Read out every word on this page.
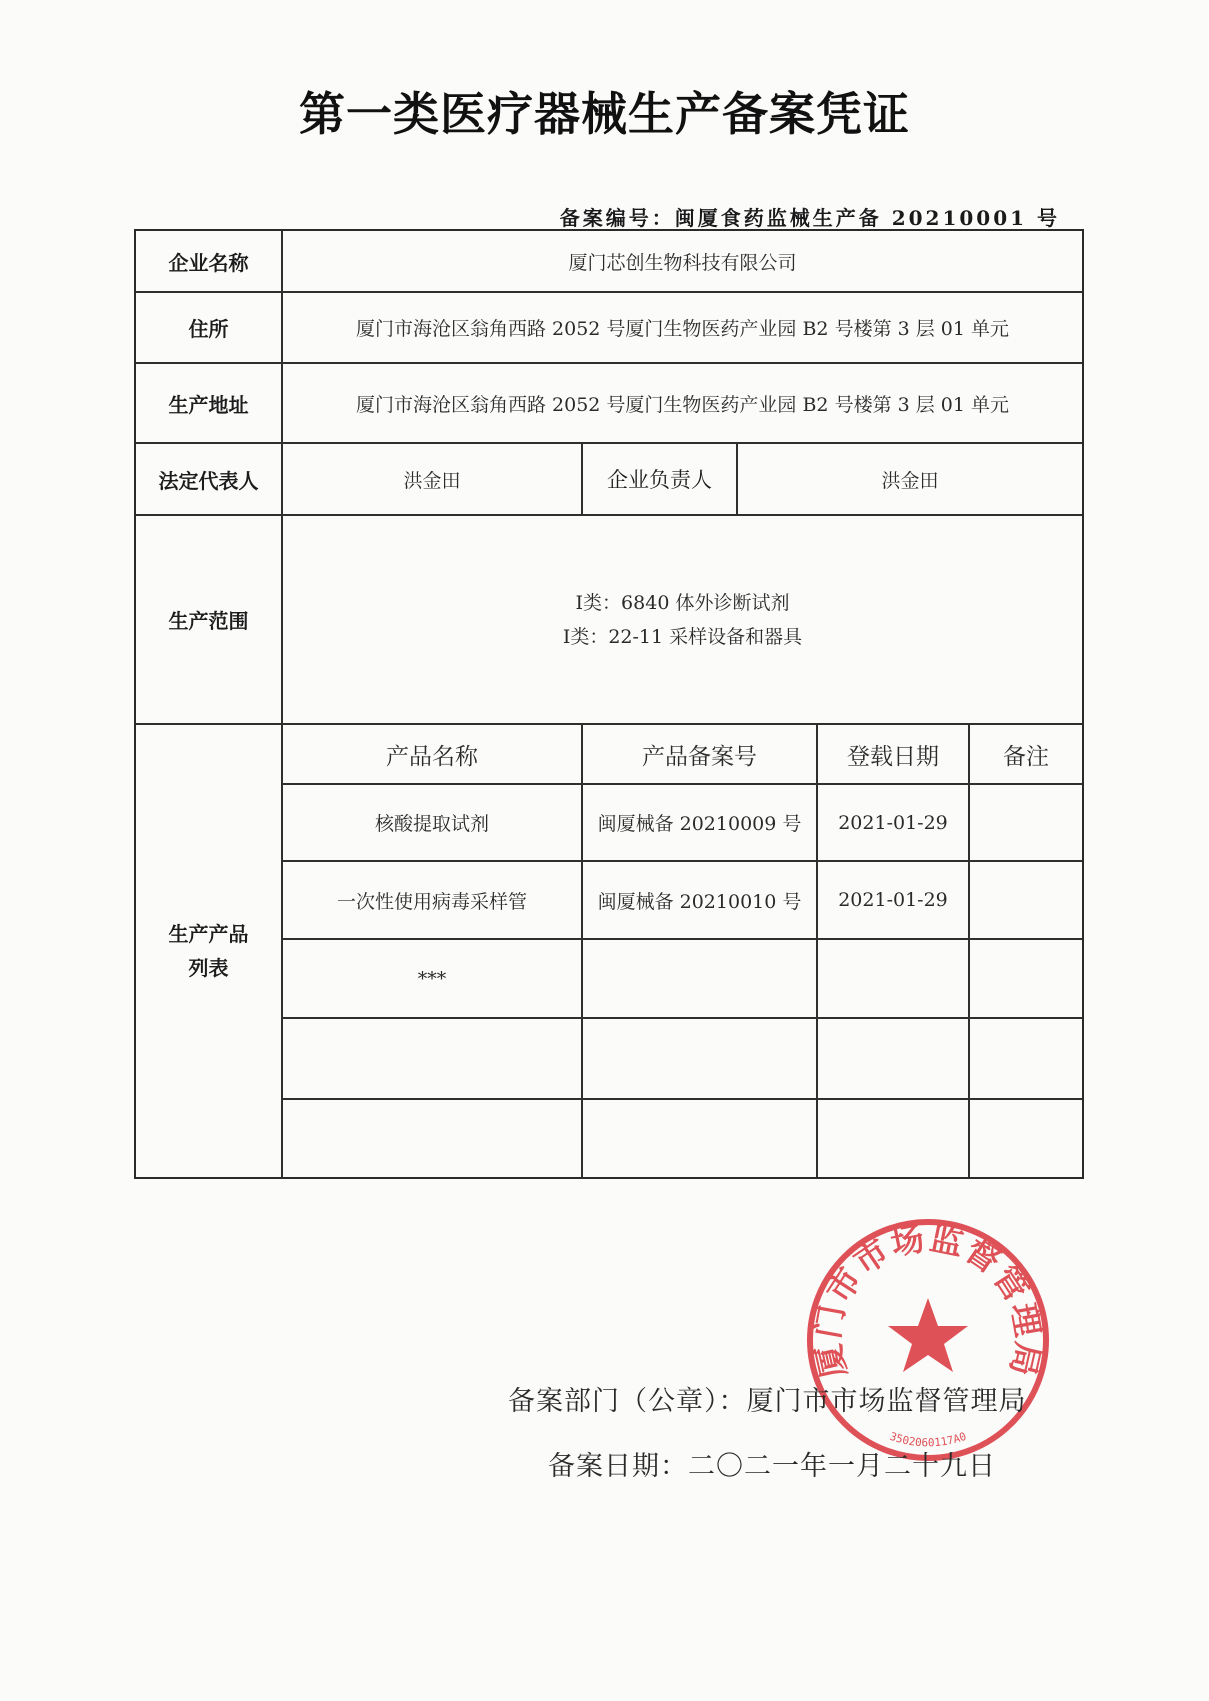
第一类医疗器械生产备案凭证
备案编号：闽厦食药监械生产备 20210001 号
企业名称	厦门芯创生物科技有限公司
住所	厦门市海沧区翁角西路 2052 号厦门生物医药产业园 B2 号楼第 3 层 01 单元
生产地址	厦门市海沧区翁角西路 2052 号厦门生物医药产业园 B2 号楼第 3 层 01 单元
法定代表人	洪金田	企业负责人	洪金田
生产范围
Ⅰ类：6840 体外诊断试剂
Ⅰ类：22-11 采样设备和器具
生产产品
列表
产品名称	产品备案号	登载日期	备注
核酸提取试剂	闽厦械备 20210009 号	2021-01-29
一次性使用病毒采样管	闽厦械备 20210010 号	2021-01-29
***
厦门市市场监督管理局
3502060117A0
备案部门（公章）：厦门市市场监督管理局
备案日期：二〇二一年一月二十九日
